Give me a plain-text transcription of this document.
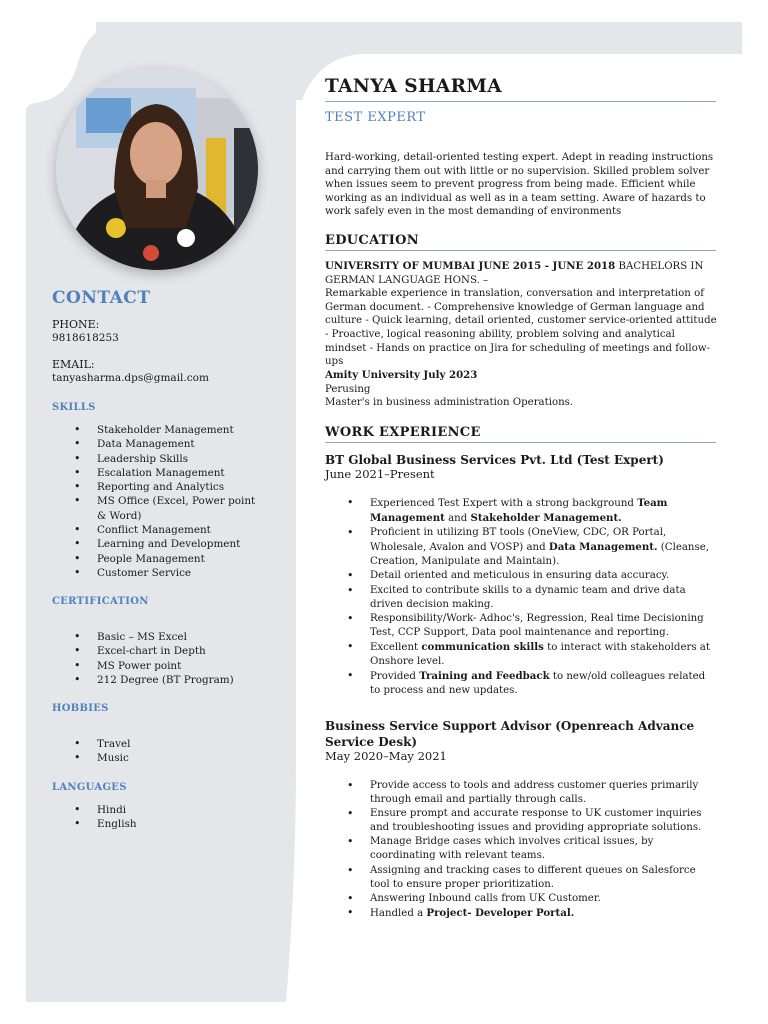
CONTACT
PHONE:
9818618253
EMAIL:
tanyasharma.dps@gmail.com
SKILLS
• Stakeholder Management
• Data Management
• Leadership Skills
• Escalation Management
• Reporting and Analytics
• MS Office (Excel, Power point & Word)
• Conflict Management
• Learning and Development
• People Management
• Customer Service
CERTIFICATION
• Basic – MS Excel
• Excel-chart in Depth
• MS Power point
• 212 Degree (BT Program)
HOBBIES
• Travel
• Music
LANGUAGES
• Hindi
• English
TANYA SHARMA
TEST EXPERT

Hard-working, detail-oriented testing expert. Adept in reading instructions and carrying them out with little or no supervision. Skilled problem solver when issues seem to prevent progress from being made. Efficient while working as an individual as well as in a team setting. Aware of hazards to work safely even in the most demanding of environments

EDUCATION

UNIVERSITY OF MUMBAI JUNE 2015 - JUNE 2018 BACHELORS IN GERMAN LANGUAGE HONS. –
Remarkable experience in translation, conversation and interpretation of German document. - Comprehensive knowledge of German language and culture - Quick learning, detail oriented, customer service-oriented attitude - Proactive, logical reasoning ability, problem solving and analytical mindset - Hands on practice on Jira for scheduling of meetings and follow-ups

Amity University July 2023
Perusing
Master's in business administration Operations.

WORK EXPERIENCE
BT Global Business Services Pvt. Ltd (Test Expert)
June 2021–Present
• Experienced Test Expert with a strong background Team Management and Stakeholder Management.
• Proficient in utilizing BT tools (OneView, CDC, OR Portal, Wholesale, Avalon and VOSP) and Data Management. (Cleanse, Creation, Manipulate and Maintain).
• Detail oriented and meticulous in ensuring data accuracy.
• Excited to contribute skills to a dynamic team and drive data driven decision making.
• Responsibility/Work- Adhoc's, Regression, Real time Decisioning Test, CCP Support, Data pool maintenance and reporting.
• Excellent communication skills to interact with stakeholders at Onshore level.
• Provided Training and Feedback to new/old colleagues related to process and new updates.
Business Service Support Advisor (Openreach Advance Service Desk)
May 2020–May 2021
• Provide access to tools and address customer queries primarily through email and partially through calls.
• Ensure prompt and accurate response to UK customer inquiries and troubleshooting issues and providing appropriate solutions.
• Manage Bridge cases which involves critical issues, by coordinating with relevant teams.
• Assigning and tracking cases to different queues on Salesforce tool to ensure proper prioritization.
• Answering Inbound calls from UK Customer.
• Handled a Project- Developer Portal.
